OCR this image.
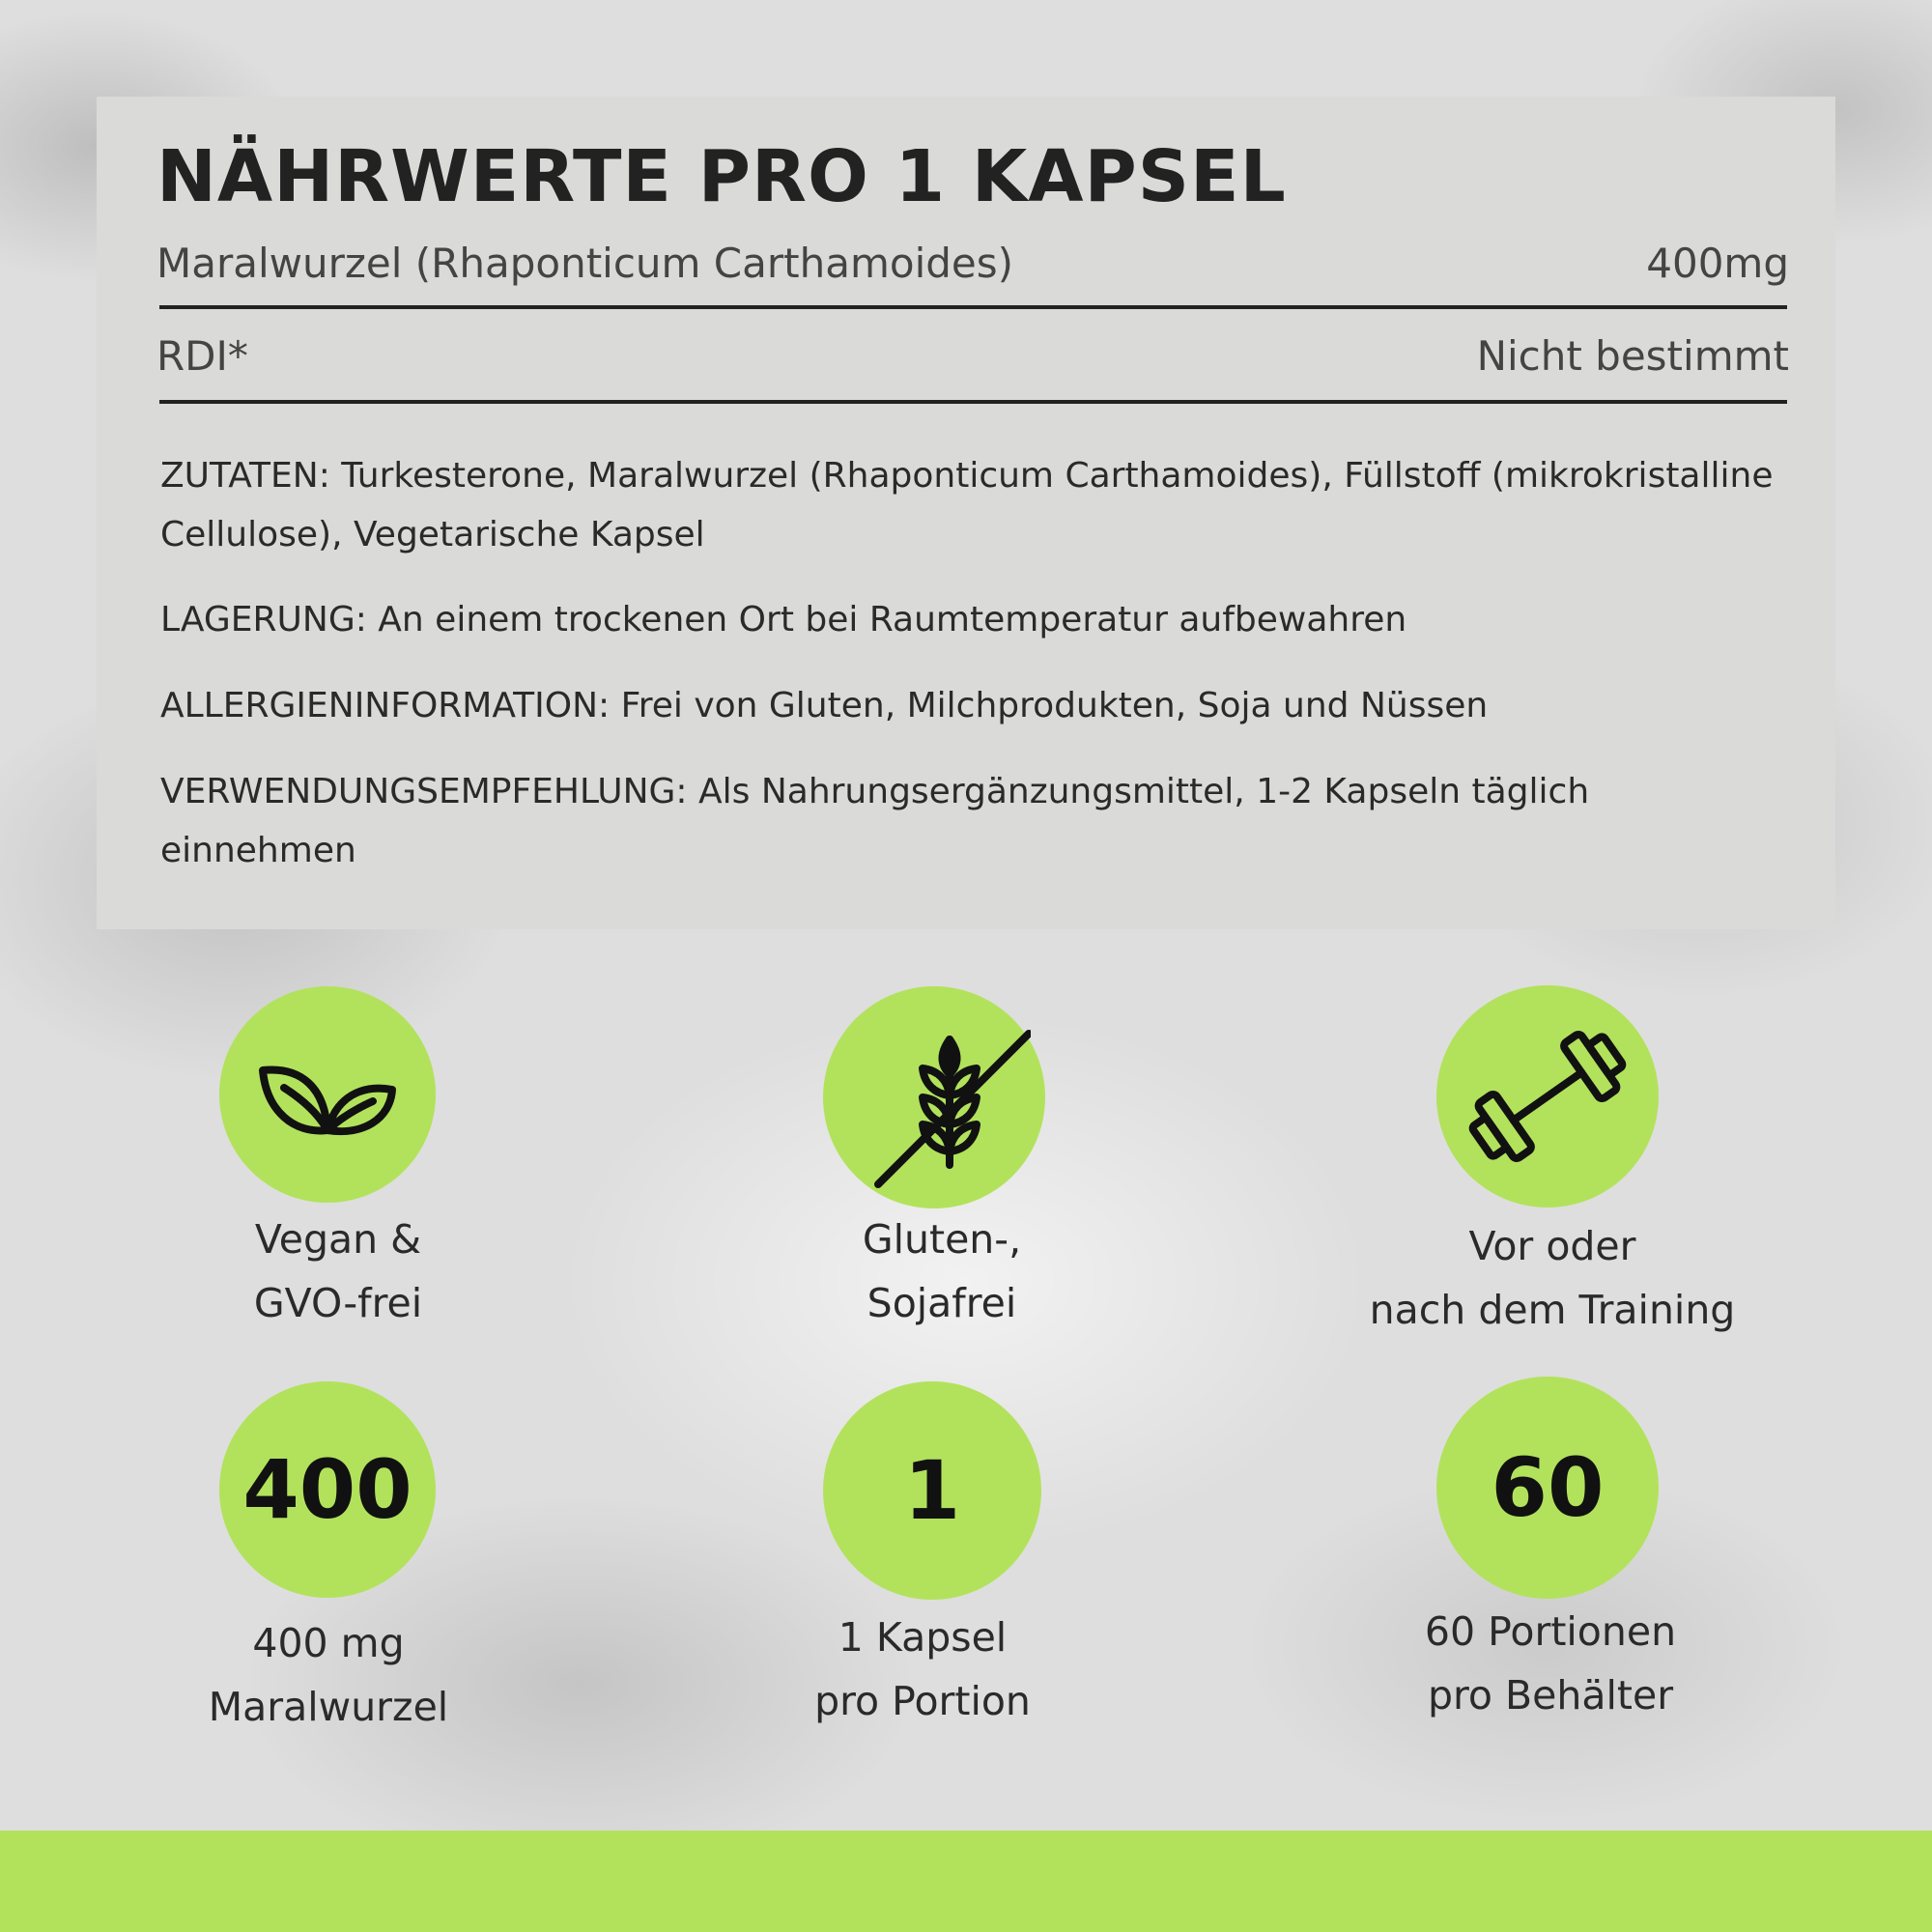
NÄHRWERTE PRO 1 KAPSEL
Maralwurzel (Rhaponticum Carthamoides)	400mg
RDI*	Nicht bestimmt
ZUTATEN: Turkesterone, Maralwurzel (Rhaponticum Carthamoides), Füllstoff (mikrokristalline Cellulose), Vegetarische Kapsel
LAGERUNG: An einem trockenen Ort bei Raumtemperatur aufbewahren
ALLERGIENINFORMATION: Frei von Gluten, Milchprodukten, Soja und Nüssen
VERWENDUNGSEMPFEHLUNG: Als Nahrungsergänzungsmittel, 1-2 Kapseln täglich einnehmen
Vegan &
GVO-frei
Gluten-,
Sojafrei
Vor oder
nach dem Training
400
400 mg
Maralwurzel
1
1 Kapsel
pro Portion
60
60 Portionen
pro Behälter
